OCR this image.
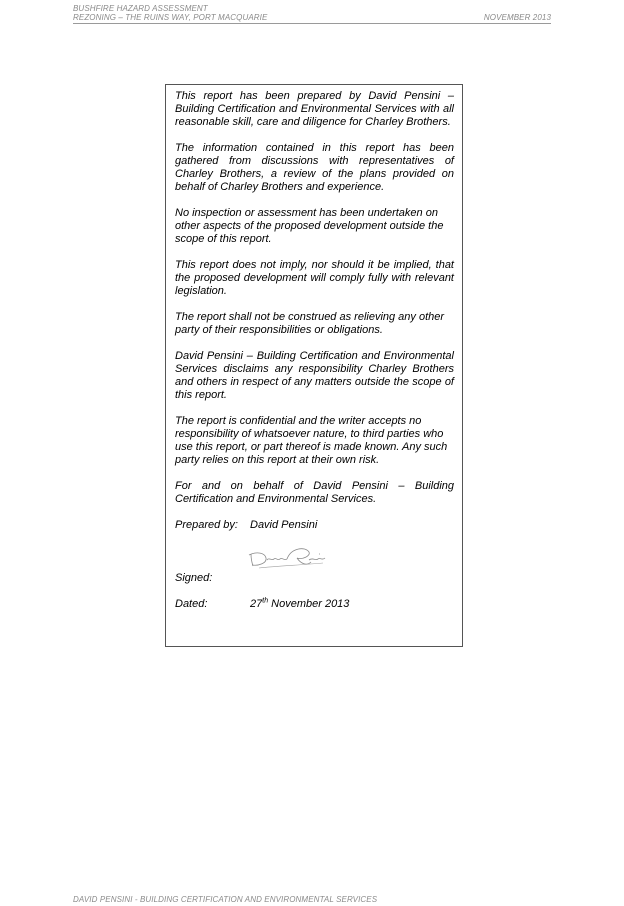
BUSHFIRE HAZARD ASSESSMENT
REZONING – THE RUINS WAY, PORT MACQUARIE	NOVEMBER 2013

This report has been prepared by David Pensini – Building Certification and Environmental Services with all reasonable skill, care and diligence for Charley Brothers.

The information contained in this report has been gathered from discussions with representatives of Charley Brothers, a review of the plans provided on behalf of Charley Brothers and experience.

No inspection or assessment has been undertaken on other aspects of the proposed development outside the scope of this report.

This report does not imply, nor should it be implied, that the proposed development will comply fully with relevant legislation.

The report shall not be construed as relieving any other party of their responsibilities or obligations.

David Pensini – Building Certification and Environmental Services disclaims any responsibility Charley Brothers and others in respect of any matters outside the scope of this report.

The report is confidential and the writer accepts no responsibility of whatsoever nature, to third parties who use this report, or part thereof is made known. Any such party relies on this report at their own risk.

For and on behalf of David Pensini – Building Certification and Environmental Services.

Prepared by:	David Pensini
Signed:
Dated:	27th November 2013
DAVID PENSINI - BUILDING CERTIFICATION AND ENVIRONMENTAL SERVICES
